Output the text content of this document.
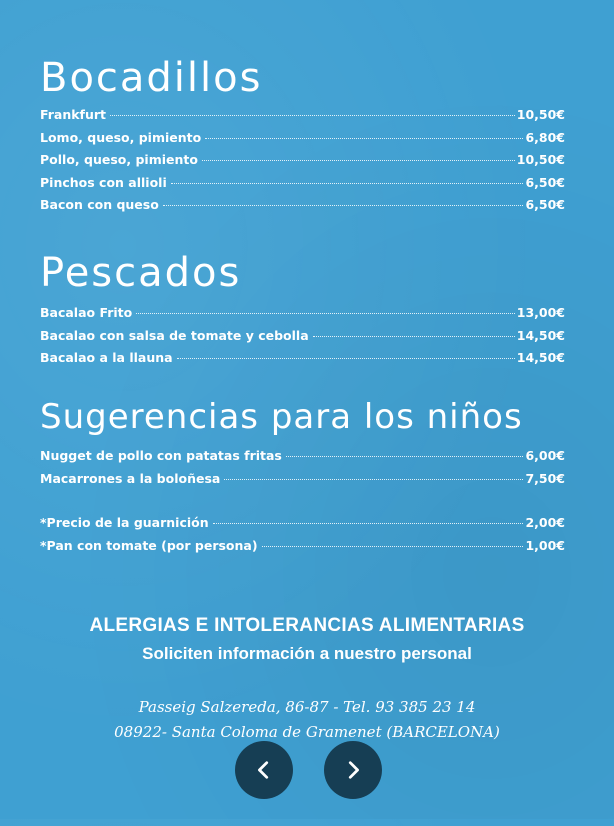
Bocadillos
Frankfurt	10,50€
Lomo, queso, pimiento	6,80€
Pollo, queso, pimiento	10,50€
Pinchos con allioli	6,50€
Bacon con queso	6,50€
Pescados
Bacalao Frito	13,00€
Bacalao con salsa de tomate y cebolla	14,50€
Bacalao a la llauna	14,50€
Sugerencias para los niños
Nugget de pollo con patatas fritas	6,00€
Macarrones a la boloñesa	7,50€
*Precio de la guarnición	2,00€
*Pan con tomate (por persona)	1,00€
ALERGIAS E INTOLERANCIAS ALIMENTARIAS
Soliciten información a nuestro personal
Passeig Salzereda, 86-87 - Tel. 93 385 23 14
08922- Santa Coloma de Gramenet (BARCELONA)
